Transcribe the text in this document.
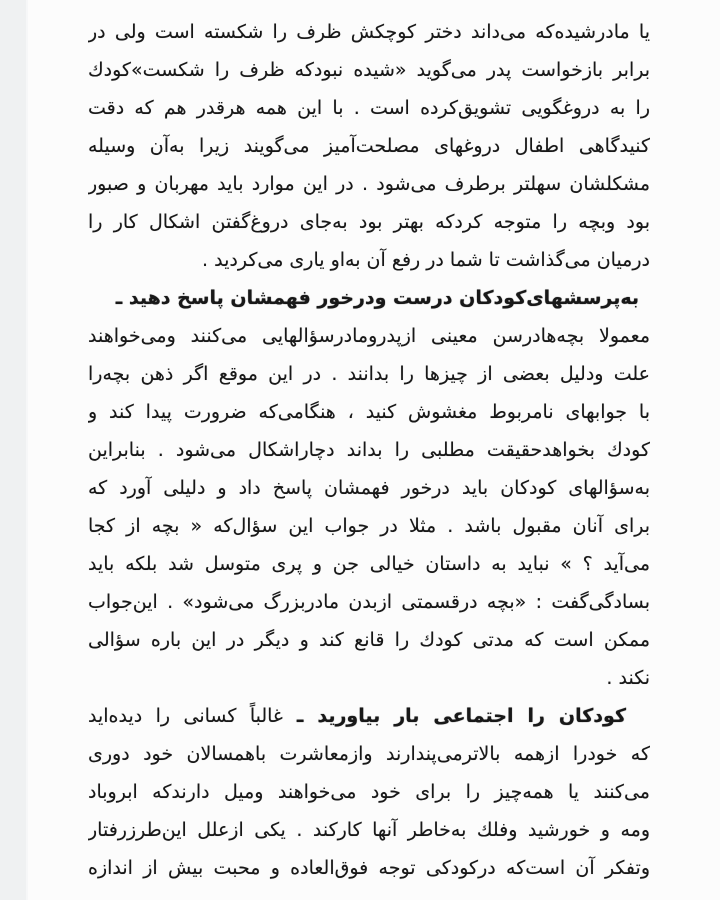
یا مادرشیده‌که می‌داند دختر کوچکش ظرف را شکسته است ولی در
برابر بازخواست پدر می‌گوید «شیده نبودکه ظرف را شکست»کودك
را به دروغگویی تشویق‌کرده است . با این همه هرقدر هم که دقت
کنیدگاهی اطفال دروغهای مصلحت‌آمیز می‌گویند زیرا به‌آن وسیله
مشکلشان سهلتر برطرف می‌شود . در این موارد باید مهربان و صبور
بود وبچه را متوجه کردکه بهتر بود به‌جای دروغ‌گفتن اشکال کار را
درمیان می‌گذاشت تا شما در رفع آن به‌او یاری می‌کردید .
به‌پرسشهای‌کودکان درست ودرخور فهمشان پاسخ دهید ـ
معمولا بچه‌هادرسن معینی ازپدرومادرسؤالهایی می‌کنند ومی‌خواهند
علت ودلیل بعضی از چیزها را بدانند . در این موقع اگر ذهن بچه‌را
با جوابهای نامربوط مغشوش کنید ، هنگامی‌که ضرورت پیدا کند و
کودك بخواهدحقیقت مطلبی را بداند دچاراشکال می‌شود . بنابراین
به‌سؤالهای کودکان باید درخور فهمشان پاسخ داد و دلیلی آورد که
برای آنان مقبول باشد . مثلا در جواب این سؤال‌که « بچه از کجا
می‌آید ؟ » نباید به داستان خیالی جن و پری متوسل شد بلکه باید
بسادگی‌گفت : «بچه درقسمتی ازبدن مادربزرگ می‌شود» . این‌جواب
ممکن است که مدتی کودك را قانع کند و دیگر در این باره سؤالی
نکند .
کودکان را اجتماعی بار بیاورید ـ غالباً کسانی را دیده‌اید
که خودرا ازهمه بالاترمی‌پندارند وازمعاشرت باهمسالان خود دوری
می‌کنند یا همه‌چیز را برای خود می‌خواهند ومیل دارندکه ابروباد
ومه و خورشید وفلك به‌خاطر آنها کارکند . یکی ازعلل این‌طرزرفتار
وتفکر آن است‌که درکودکی توجه فوق‌العاده و محبت بیش از اندازه
